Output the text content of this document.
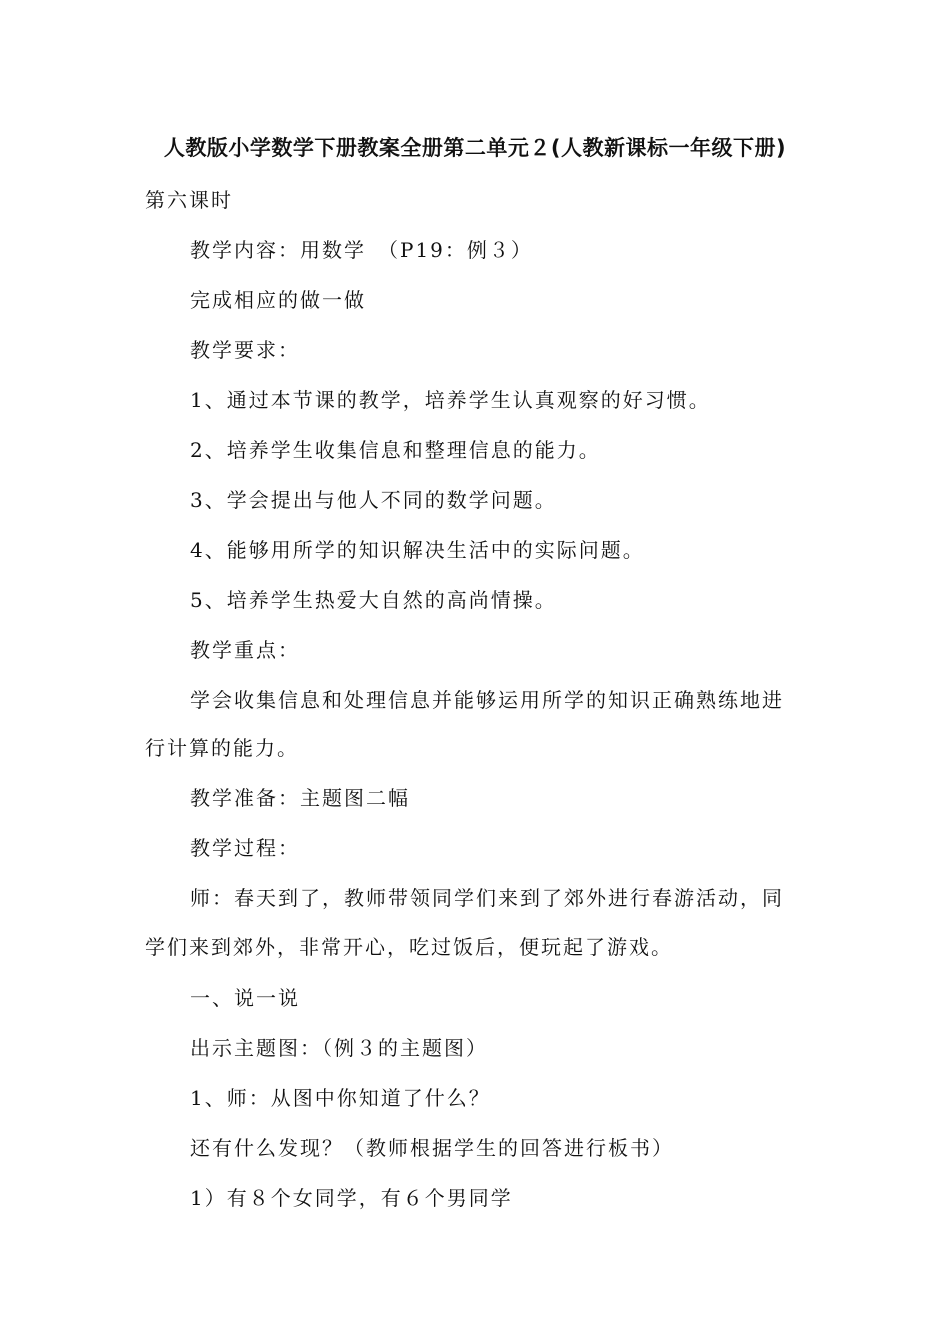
人教版小学数学下册教案全册第二单元２(人教新课标一年级下册)
第六课时
教学内容：用数学　（P19：例３）
完成相应的做一做
教学要求：
1、通过本节课的教学，培养学生认真观察的好习惯。
2、培养学生收集信息和整理信息的能力。
3、学会提出与他人不同的数学问题。
4、能够用所学的知识解决生活中的实际问题。
5、培养学生热爱大自然的高尚情操。
教学重点：
学会收集信息和处理信息并能够运用所学的知识正确熟练地进
行计算的能力。
教学准备：主题图二幅
教学过程：
师：春天到了，教师带领同学们来到了郊外进行春游活动，同
学们来到郊外，非常开心，吃过饭后，便玩起了游戏。
一、说一说
出示主题图：（例３的主题图）
1、师：从图中你知道了什么？
还有什么发现？（教师根据学生的回答进行板书）
1）有８个女同学，有６个男同学
